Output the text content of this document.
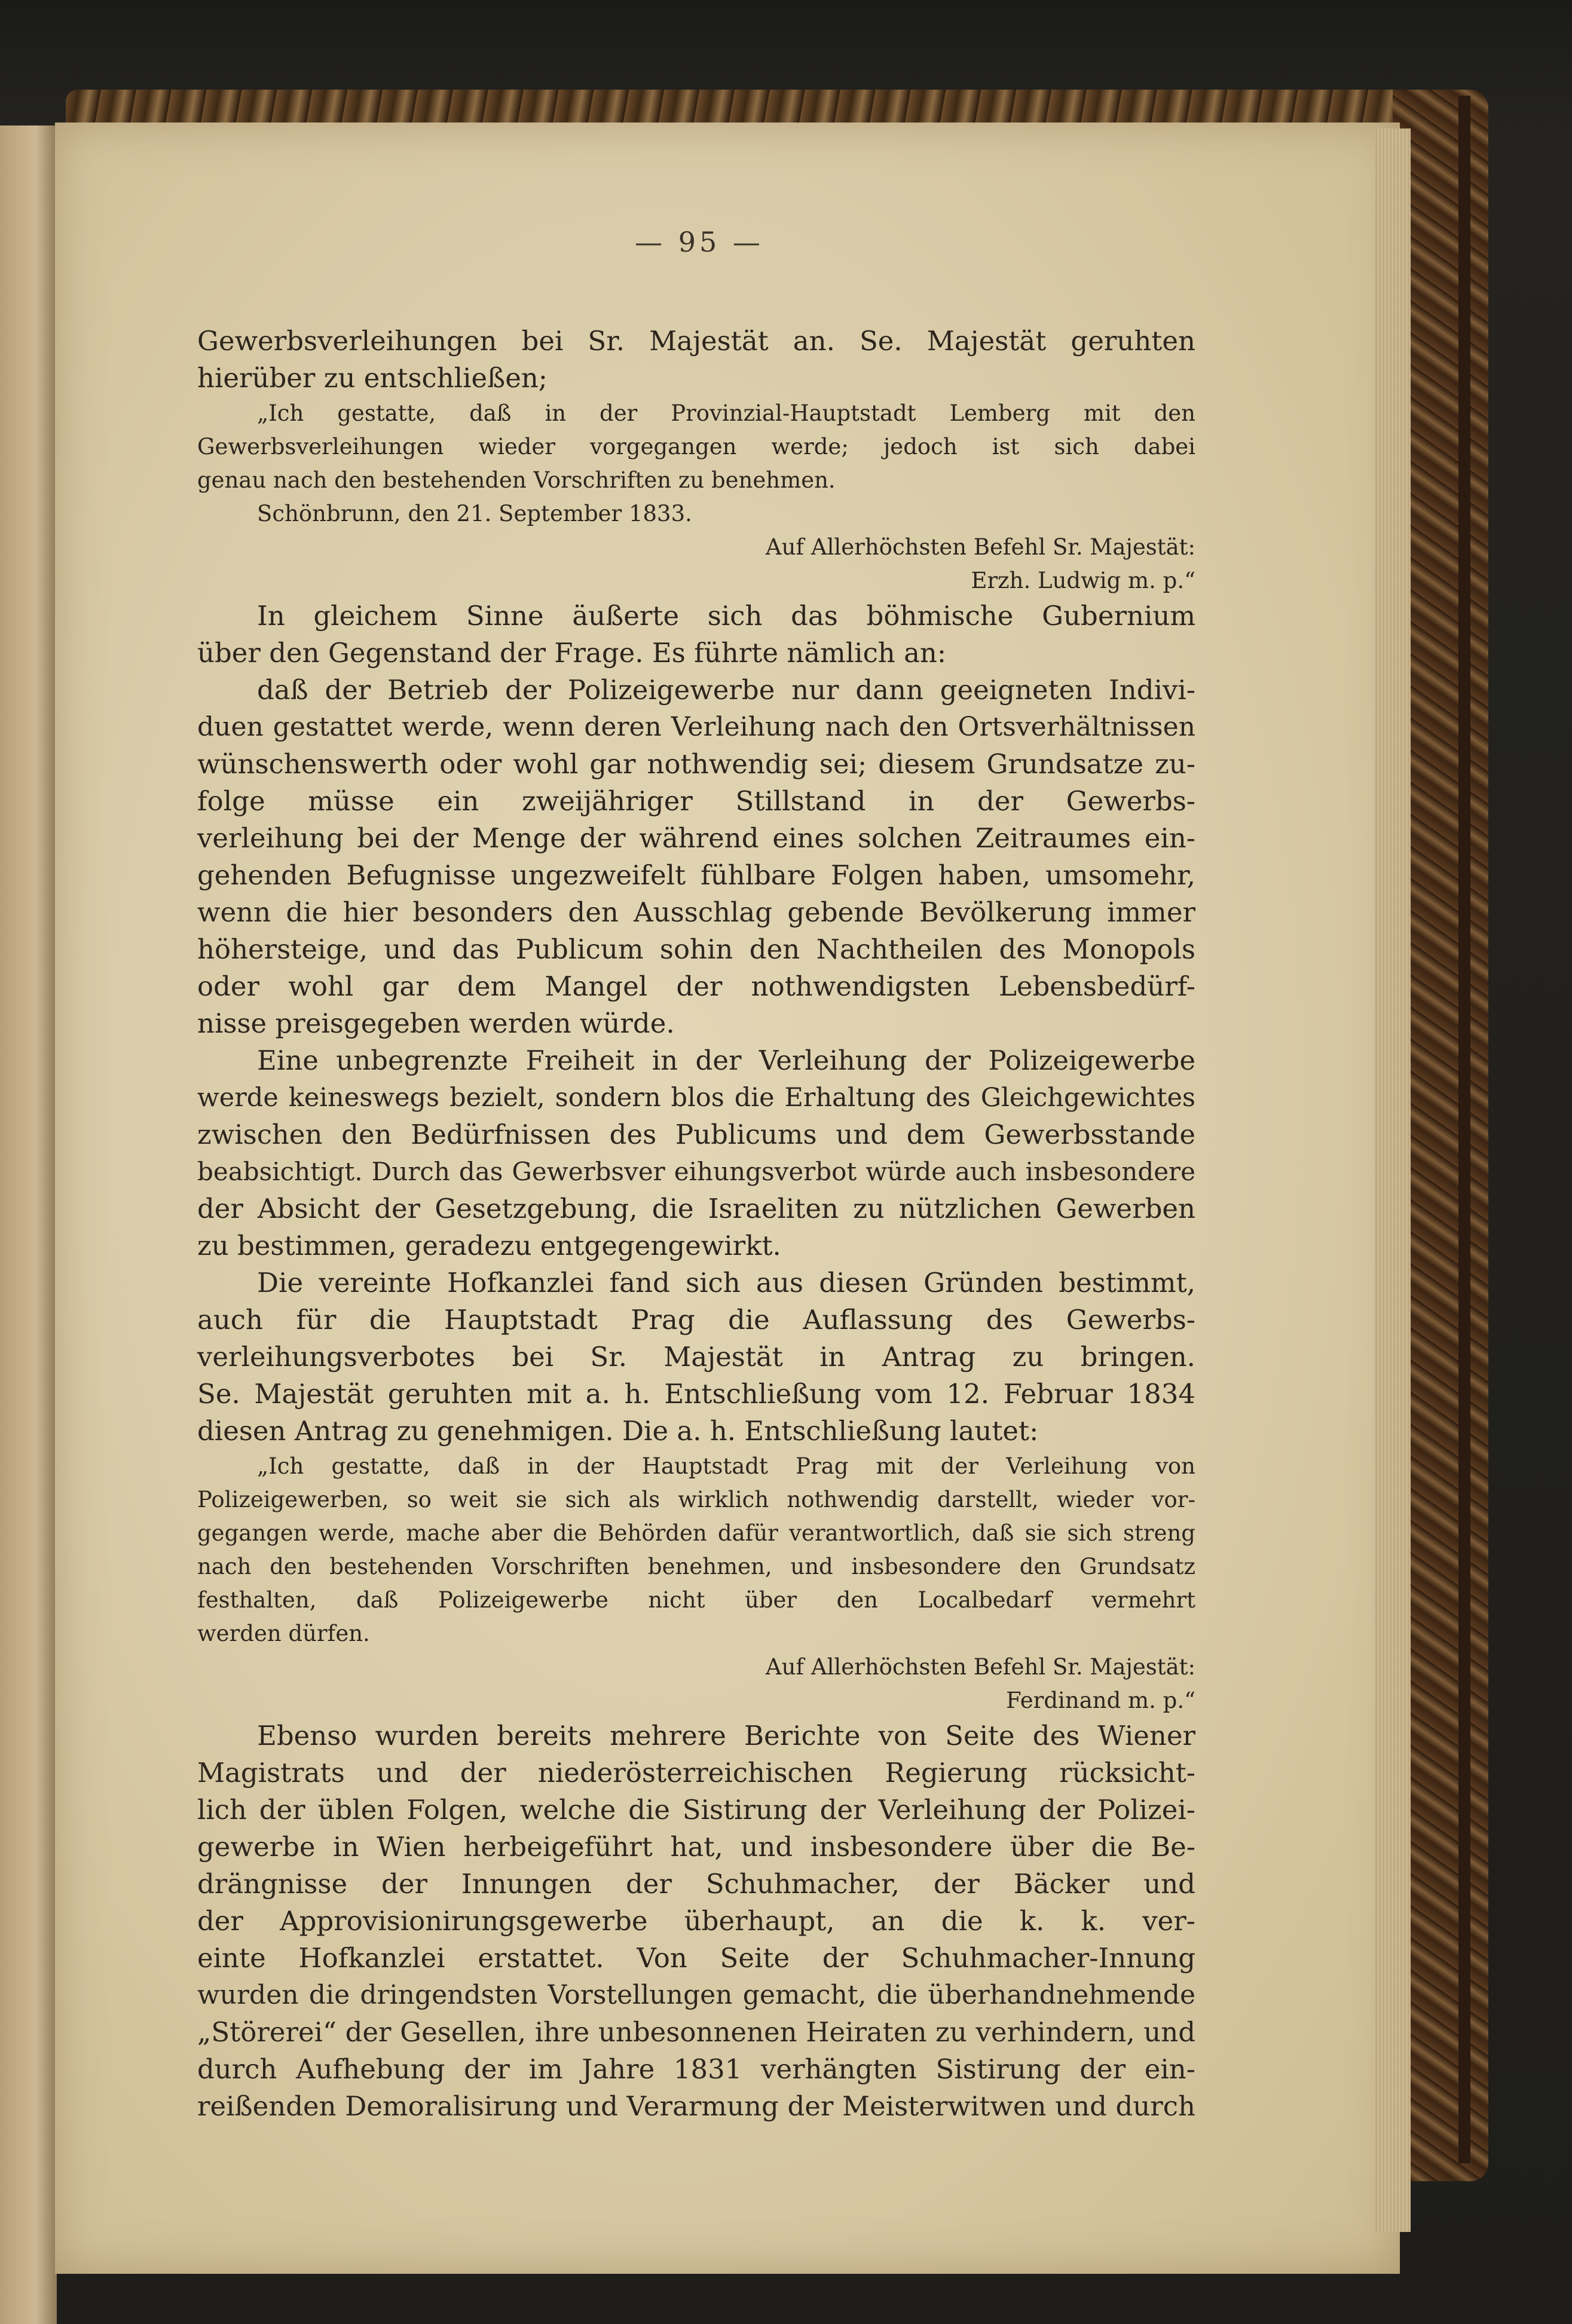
— 95 —
Gewerbsverleihungen bei Sr. Majestät an. Se. Majestät geruhten
hierüber zu entschließen;
„Ich gestatte, daß in der Provinzial-Hauptstadt Lemberg mit den
Gewerbsverleihungen wieder vorgegangen werde; jedoch ist sich dabei
genau nach den bestehenden Vorschriften zu benehmen.
Schönbrunn, den 21. September 1833.
Auf Allerhöchsten Befehl Sr. Majestät:
Erzh. Ludwig m. p.“
In gleichem Sinne äußerte sich das böhmische Gubernium
über den Gegenstand der Frage. Es führte nämlich an:
daß der Betrieb der Polizeigewerbe nur dann geeigneten Indivi-
duen gestattet werde, wenn deren Verleihung nach den Ortsverhältnissen
wünschenswerth oder wohl gar nothwendig sei; diesem Grundsatze zu-
folge müsse ein zweijähriger Stillstand in der Gewerbs-
verleihung bei der Menge der während eines solchen Zeitraumes ein-
gehenden Befugnisse ungezweifelt fühlbare Folgen haben, umsomehr,
wenn die hier besonders den Ausschlag gebende Bevölkerung immer
höhersteige, und das Publicum sohin den Nachtheilen des Monopols
oder wohl gar dem Mangel der nothwendigsten Lebensbedürf-
nisse preisgegeben werden würde.
Eine unbegrenzte Freiheit in der Verleihung der Polizeigewerbe
werde keineswegs bezielt, sondern blos die Erhaltung des Gleichgewichtes
zwischen den Bedürfnissen des Publicums und dem Gewerbsstande
beabsichtigt. Durch das Gewerbsver eihungsverbot würde auch insbesondere
der Absicht der Gesetzgebung, die Israeliten zu nützlichen Gewerben
zu bestimmen, geradezu entgegengewirkt.
Die vereinte Hofkanzlei fand sich aus diesen Gründen bestimmt,
auch für die Hauptstadt Prag die Auflassung des Gewerbs-
verleihungsverbotes bei Sr. Majestät in Antrag zu bringen.
Se. Majestät geruhten mit a. h. Entschließung vom 12. Februar 1834
diesen Antrag zu genehmigen. Die a. h. Entschließung lautet:
„Ich gestatte, daß in der Hauptstadt Prag mit der Verleihung von
Polizeigewerben, so weit sie sich als wirklich nothwendig darstellt, wieder vor-
gegangen werde, mache aber die Behörden dafür verantwortlich, daß sie sich streng
nach den bestehenden Vorschriften benehmen, und insbesondere den Grundsatz
festhalten, daß Polizeigewerbe nicht über den Localbedarf vermehrt
werden dürfen.
Auf Allerhöchsten Befehl Sr. Majestät:
Ferdinand m. p.“
Ebenso wurden bereits mehrere Berichte von Seite des Wiener
Magistrats und der niederösterreichischen Regierung rücksicht-
lich der üblen Folgen, welche die Sistirung der Verleihung der Polizei-
gewerbe in Wien herbeigeführt hat, und insbesondere über die Be-
drängnisse der Innungen der Schuhmacher, der Bäcker und
der Approvisionirungsgewerbe überhaupt, an die k. k. ver-
einte Hofkanzlei erstattet. Von Seite der Schuhmacher-Innung
wurden die dringendsten Vorstellungen gemacht, die überhandnehmende
„Störerei“ der Gesellen, ihre unbesonnenen Heiraten zu verhindern, und
durch Aufhebung der im Jahre 1831 verhängten Sistirung der ein-
reißenden Demoralisirung und Verarmung der Meisterwitwen und durch
